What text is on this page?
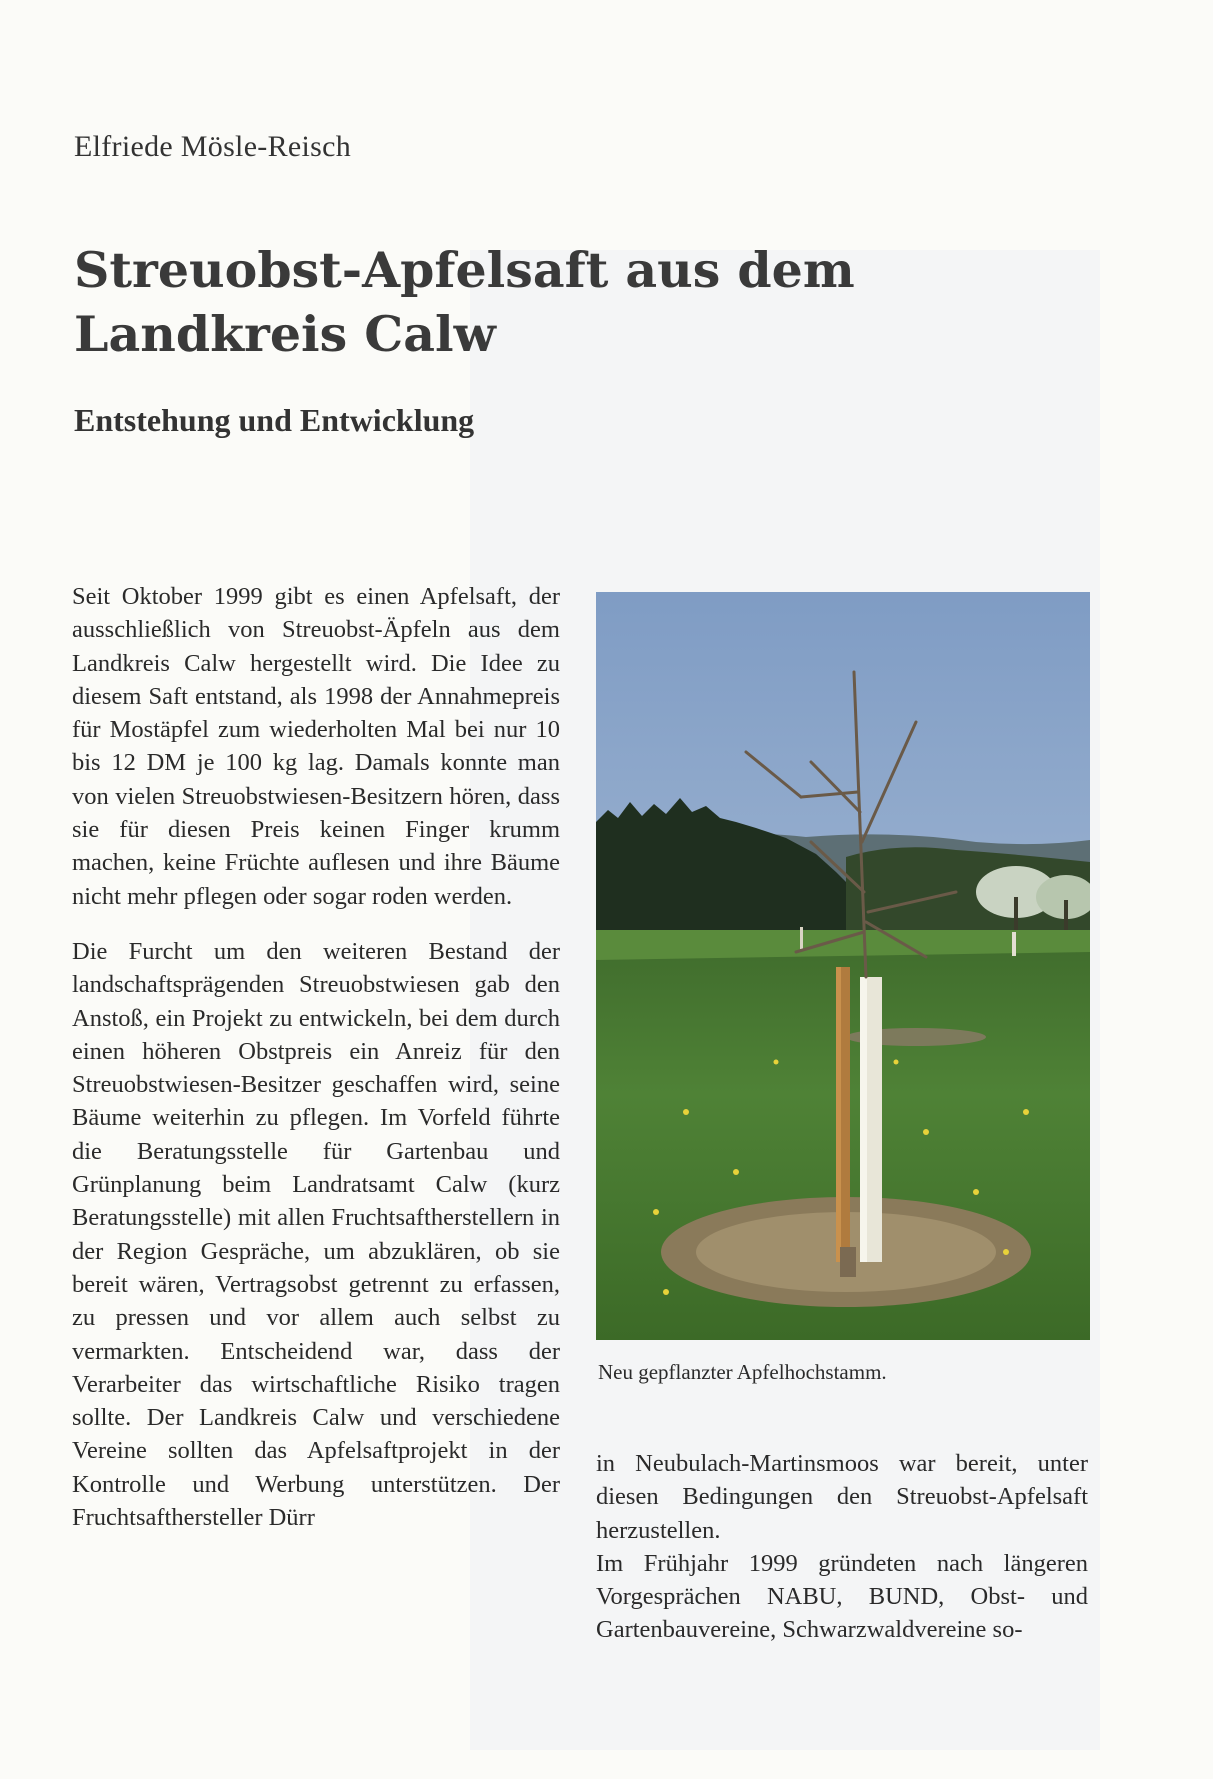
Elfriede Mösle-Reisch
Streuobst-Apfelsaft aus dem Landkreis Calw
Entstehung und Entwicklung

Seit Oktober 1999 gibt es einen Apfelsaft, der ausschließlich von Streuobst-Äpfeln aus dem Landkreis Calw hergestellt wird. Die Idee zu diesem Saft entstand, als 1998 der Annahmepreis für Mostäpfel zum wiederholten Mal bei nur 10 bis 12 DM je 100 kg lag. Damals konnte man von vielen Streuobstwiesen-Besitzern hören, dass sie für diesen Preis keinen Finger krumm machen, keine Früchte auflesen und ihre Bäume nicht mehr pflegen oder sogar roden werden.

Die Furcht um den weiteren Bestand der landschaftsprägenden Streuobstwiesen gab den Anstoß, ein Projekt zu entwickeln, bei dem durch einen höheren Obstpreis ein Anreiz für den Streuobstwiesen-Besitzer geschaffen wird, seine Bäume weiterhin zu pflegen. Im Vorfeld führte die Beratungsstelle für Gartenbau und Grünplanung beim Landratsamt Calw (kurz Beratungsstelle) mit allen Fruchtsaftherstellern in der Region Gespräche, um abzuklären, ob sie bereit wären, Vertragsobst getrennt zu erfassen, zu pressen und vor allem auch selbst zu vermarkten. Entscheidend war, dass der Verarbeiter das wirtschaftliche Risiko tragen sollte. Der Landkreis Calw und verschiedene Vereine sollten das Apfelsaftprojekt in der Kontrolle und Werbung unterstützen. Der Fruchtsafthersteller Dürr

Neu gepflanzter Apfelhochstamm.

in Neubulach-Martinsmoos war bereit, unter diesen Bedingungen den Streuobst-Apfelsaft herzustellen.

Im Frühjahr 1999 gründeten nach längeren Vorgesprächen NABU, BUND, Obst- und Gartenbauvereine, Schwarzwaldvereine so-
